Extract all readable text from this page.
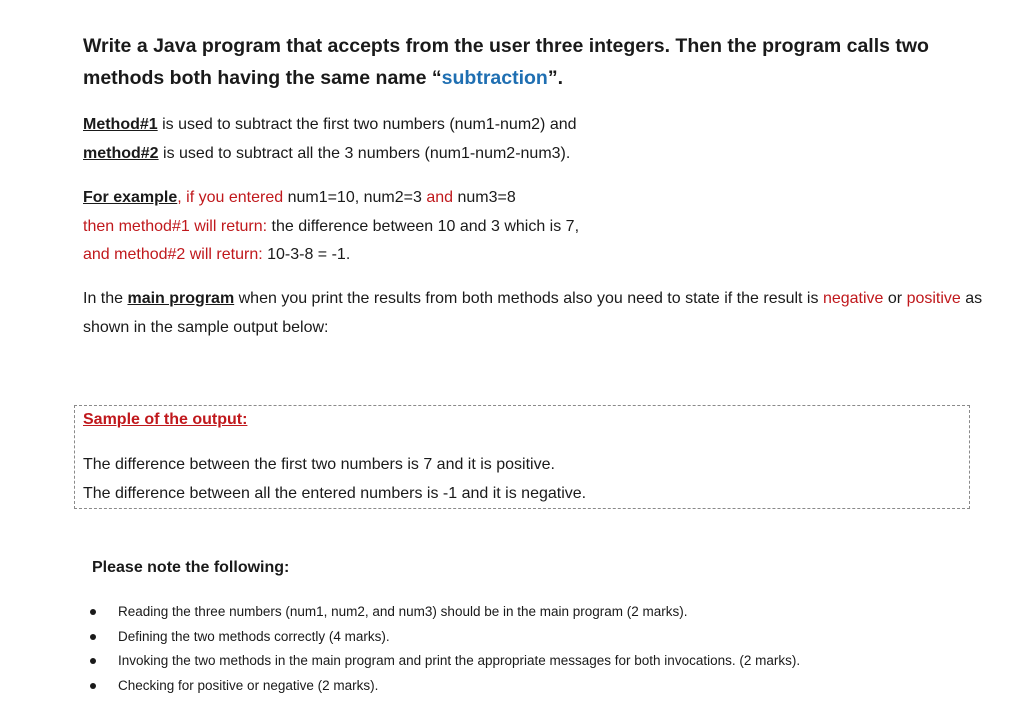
Write a Java program that accepts from the user three integers. Then the program calls two methods both having the same name “subtraction”.
Method#1 is used to subtract the first two numbers (num1-num2) and
method#2 is used to subtract all the 3 numbers (num1-num2-num3).
For example, if you entered num1=10, num2=3 and num3=8
then method#1 will return: the difference between 10 and 3 which is 7,
and method#2 will return: 10-3-8 = -1.
In the main program when you print the results from both methods also you need to state if the result is negative or positive as shown in the sample output below:
Sample of the output:
The difference between the first two numbers is 7 and it is positive.
The difference between all the entered numbers is -1 and it is negative.
Please note the following:
Reading the three numbers (num1, num2, and num3) should be in the main program (2 marks).
Defining the two methods correctly (4 marks).
Invoking the two methods in the main program and print the appropriate messages for both invocations. (2 marks).
Checking for positive or negative (2 marks).
